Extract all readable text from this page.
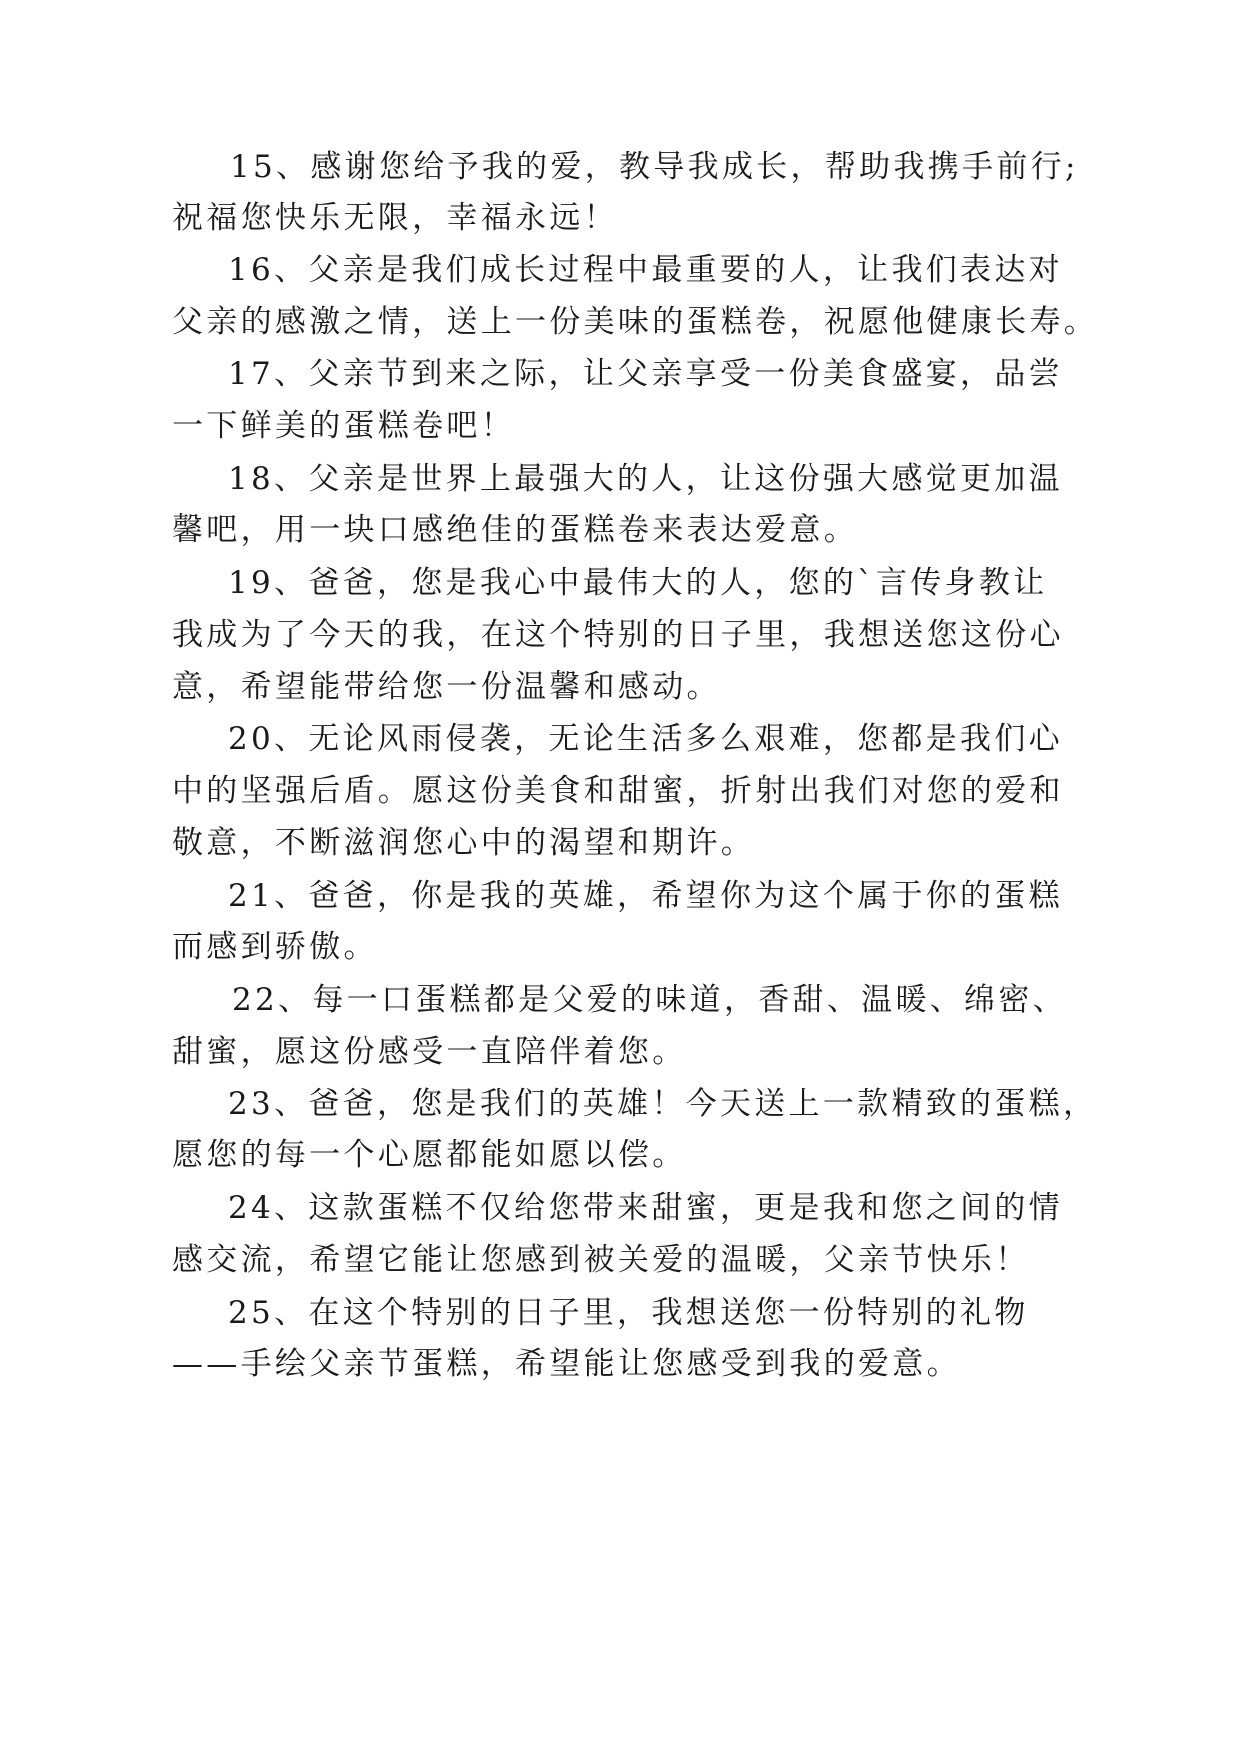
15、感谢您给予我的爱，教导我成长，帮助我携手前行;
祝福您快乐无限，幸福永远！
16、父亲是我们成长过程中最重要的人，让我们表达对
父亲的感激之情，送上一份美味的蛋糕卷，祝愿他健康长寿。
17、父亲节到来之际，让父亲享受一份美食盛宴，品尝
一下鲜美的蛋糕卷吧！
18、父亲是世界上最强大的人，让这份强大感觉更加温
馨吧，用一块口感绝佳的蛋糕卷来表达爱意。
19、爸爸，您是我心中最伟大的人，您的`言传身教让
我成为了今天的我，在这个特别的日子里，我想送您这份心
意，希望能带给您一份温馨和感动。
20、无论风雨侵袭，无论生活多么艰难，您都是我们心
中的坚强后盾。愿这份美食和甜蜜，折射出我们对您的爱和
敬意，不断滋润您心中的渴望和期许。
21、爸爸，你是我的英雄，希望你为这个属于你的蛋糕
而感到骄傲。
22、每一口蛋糕都是父爱的味道，香甜、温暖、绵密、
甜蜜，愿这份感受一直陪伴着您。
23、爸爸，您是我们的英雄！今天送上一款精致的蛋糕，
愿您的每一个心愿都能如愿以偿。
24、这款蛋糕不仅给您带来甜蜜，更是我和您之间的情
感交流，希望它能让您感到被关爱的温暖，父亲节快乐！
25、在这个特别的日子里，我想送您一份特别的礼物
——手绘父亲节蛋糕，希望能让您感受到我的爱意。
